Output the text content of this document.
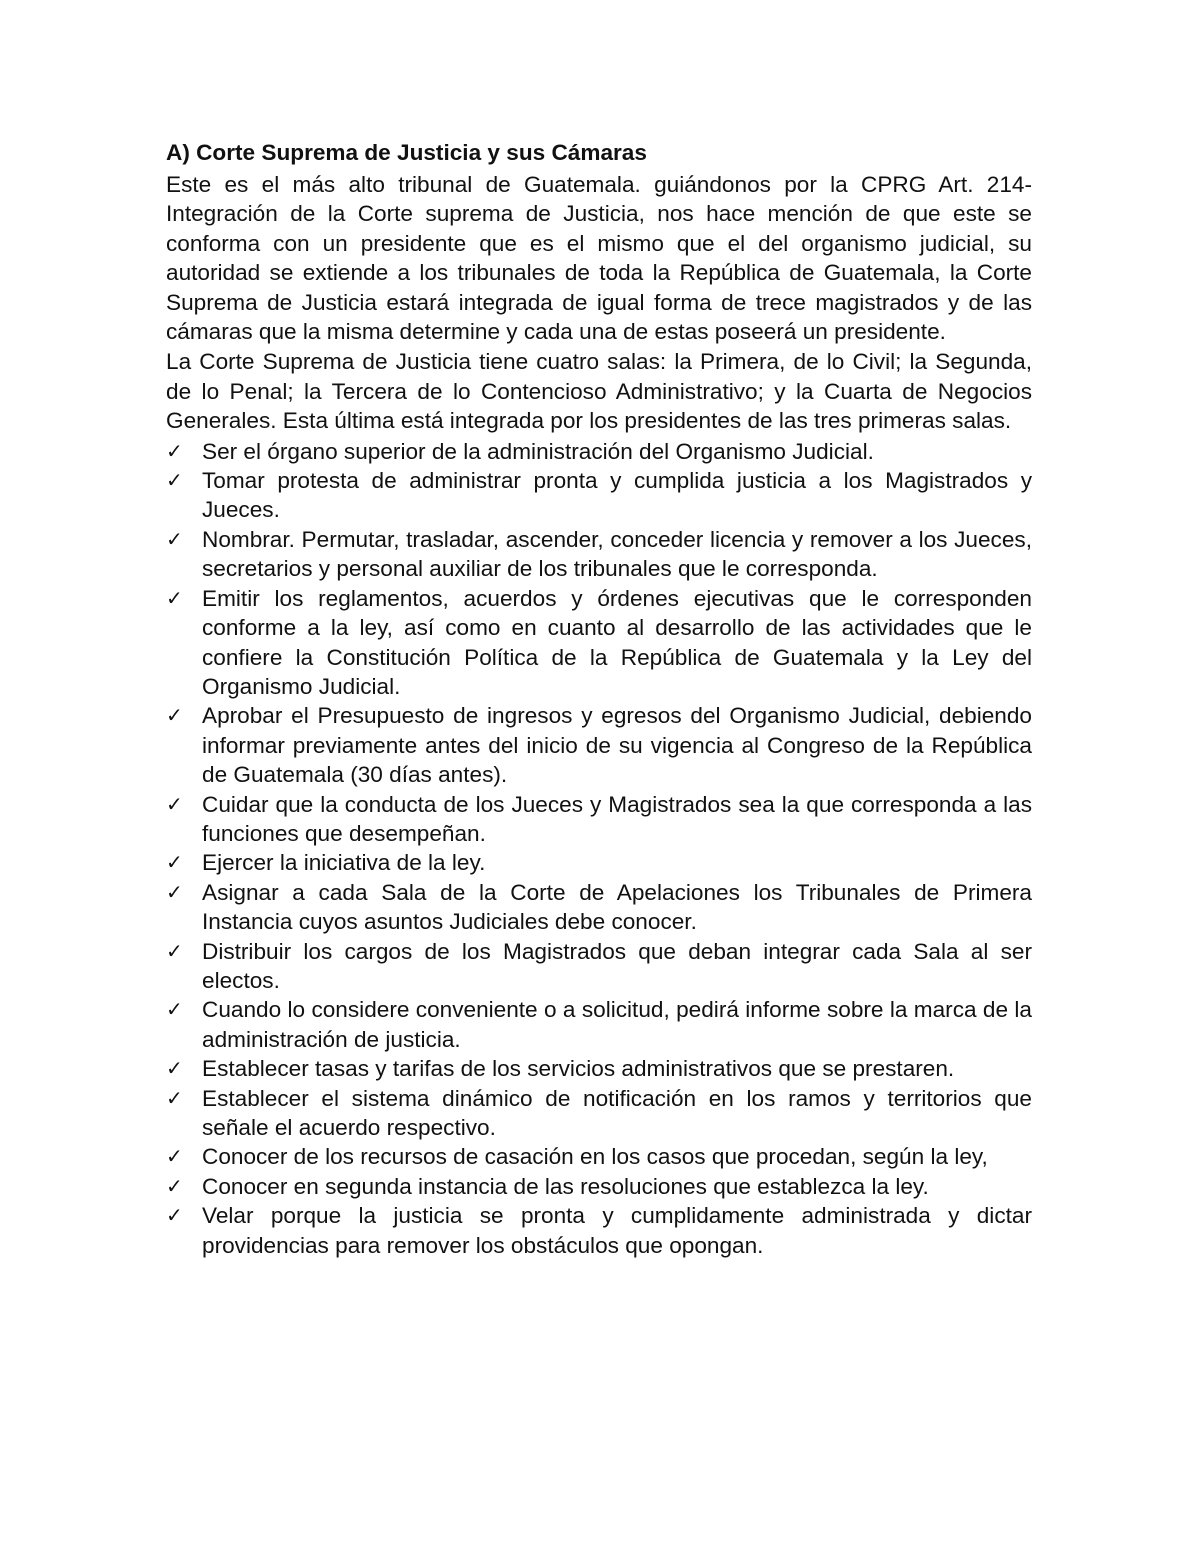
A) Corte Suprema de Justicia y sus Cámaras
Este es el más alto tribunal de Guatemala. guiándonos por la CPRG Art. 214- Integración de la Corte suprema de Justicia, nos hace mención de que este se conforma con un presidente que es el mismo que el del organismo judicial, su autoridad se extiende a los tribunales de toda la República de Guatemala, la Corte Suprema de Justicia estará integrada de igual forma de trece magistrados y de las cámaras que la misma determine y cada una de estas poseerá un presidente.
La Corte Suprema de Justicia tiene cuatro salas: la Primera, de lo Civil; la Segunda, de lo Penal; la Tercera de lo Contencioso Administrativo; y la Cuarta de Negocios Generales. Esta última está integrada por los presidentes de las tres primeras salas.
✓ Ser el órgano superior de la administración del Organismo Judicial.
✓ Tomar protesta de administrar pronta y cumplida justicia a los Magistrados y Jueces.
✓ Nombrar. Permutar, trasladar, ascender, conceder licencia y remover a los Jueces, secretarios y personal auxiliar de los tribunales que le corresponda.
✓ Emitir los reglamentos, acuerdos y órdenes ejecutivas que le corresponden conforme a la ley, así como en cuanto al desarrollo de las actividades que le confiere la Constitución Política de la República de Guatemala y la Ley del Organismo Judicial.
✓ Aprobar el Presupuesto de ingresos y egresos del Organismo Judicial, debiendo informar previamente antes del inicio de su vigencia al Congreso de la República de Guatemala (30 días antes).
✓ Cuidar que la conducta de los Jueces y Magistrados sea la que corresponda a las funciones que desempeñan.
✓ Ejercer la iniciativa de la ley.
✓ Asignar a cada Sala de la Corte de Apelaciones los Tribunales de Primera Instancia cuyos asuntos Judiciales debe conocer.
✓ Distribuir los cargos de los Magistrados que deban integrar cada Sala al ser electos.
✓ Cuando lo considere conveniente o a solicitud, pedirá informe sobre la marca de la administración de justicia.
✓ Establecer tasas y tarifas de los servicios administrativos que se prestaren.
✓ Establecer el sistema dinámico de notificación en los ramos y territorios que señale el acuerdo respectivo.
✓ Conocer de los recursos de casación en los casos que procedan, según la ley,
✓ Conocer en segunda instancia de las resoluciones que establezca la ley.
✓ Velar porque la justicia se pronta y cumplidamente administrada y dictar providencias para remover los obstáculos que opongan.
